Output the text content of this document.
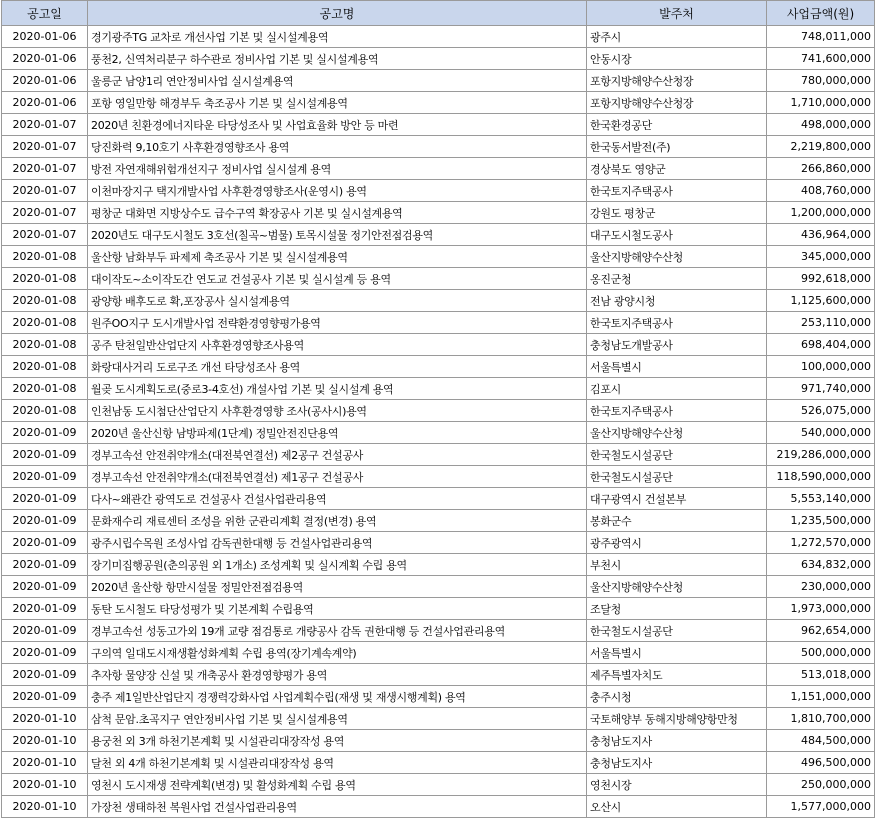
공고일	공고명	발주처	사업금액(원)
2020-01-06	경기광주TG 교차로 개선사업 기본 및 실시설계용역	광주시	748,011,000
2020-01-06	풍천2, 신역처리분구 하수관로 정비사업 기본 및 실시설계용역	안동시장	741,600,000
2020-01-06	울릉군 남양1리 연안정비사업 실시설계용역	포항지방해양수산청장	780,000,000
2020-01-06	포항 영일만항 해경부두 축조공사 기본 및 실시설계용역	포항지방해양수산청장	1,710,000,000
2020-01-07	2020년 친환경에너지타운 타당성조사 및 사업효율화 방안 등 마련	한국환경공단	498,000,000
2020-01-07	당진화력 9,10호기 사후환경영향조사 용역	한국동서발전(주)	2,219,800,000
2020-01-07	방전 자연재해위험개선지구 정비사업 실시설계 용역	경상북도 영양군	266,860,000
2020-01-07	이천마장지구 택지개발사업 사후환경영향조사(운영시) 용역	한국토지주택공사	408,760,000
2020-01-07	평창군 대화면 지방상수도 급수구역 확장공사 기본 및 실시설계용역	강원도 평창군	1,200,000,000
2020-01-07	2020년도 대구도시철도 3호선(칠곡~범물) 토목시설물 정기안전점검용역	대구도시철도공사	436,964,000
2020-01-08	울산항 남화부두 파제제 축조공사 기본 및 실시설계용역	울산지방해양수산청	345,000,000
2020-01-08	대이작도~소이작도간 연도교 건설공사 기본 및 실시설계 등 용역	옹진군청	992,618,000
2020-01-08	광양항 배후도로 확,포장공사 실시설계용역	전남 광양시청	1,125,600,000
2020-01-08	원주OO지구 도시개발사업 전략환경영향평가용역	한국토지주택공사	253,110,000
2020-01-08	공주 탄천일반산업단지 사후환경영향조사용역	충청남도개발공사	698,404,000
2020-01-08	화랑대사거리 도로구조 개선 타당성조사 용역	서울특별시	100,000,000
2020-01-08	월곶 도시계획도로(중로3-4호선) 개설사업 기본 및 실시설계 용역	김포시	971,740,000
2020-01-08	인천남동 도시첨단산업단지 사후환경영향 조사(공사시)용역	한국토지주택공사	526,075,000
2020-01-09	2020년 울산신항 남방파제(1단계) 정밀안전진단용역	울산지방해양수산청	540,000,000
2020-01-09	경부고속선 안전취약개소(대전북연결선) 제2공구 건설공사	한국철도시설공단	219,286,000,000
2020-01-09	경부고속선 안전취약개소(대전북연결선) 제1공구 건설공사	한국철도시설공단	118,590,000,000
2020-01-09	다사~왜관간 광역도로 건설공사 건설사업관리용역	대구광역시 건설본부	5,553,140,000
2020-01-09	문화재수리 재료센터 조성을 위한 군관리계획 결정(변경) 용역	봉화군수	1,235,500,000
2020-01-09	광주시립수목원 조성사업 감독권한대행 등 건설사업관리용역	광주광역시	1,272,570,000
2020-01-09	장기미집행공원(춘의공원 외 1개소) 조성계획 및 실시계획 수립 용역	부천시	634,832,000
2020-01-09	2020년 울산항 항만시설물 정밀안전점검용역	울산지방해양수산청	230,000,000
2020-01-09	동탄 도시철도 타당성평가 및 기본계획 수립용역	조달청	1,973,000,000
2020-01-09	경부고속선 성동고가외 19개 교량 점검통로 개량공사 감독 권한대행 등 건설사업관리용역	한국철도시설공단	962,654,000
2020-01-09	구의역 일대도시재생활성화계획 수립 용역(장기계속계약)	서울특별시	500,000,000
2020-01-09	추자항 물양장 신설 및 개축공사 환경영향평가 용역	제주특별자치도	513,018,000
2020-01-09	충주 제1일반산업단지 경쟁력강화사업 사업계획수립(재생 및 재생시행계획) 용역	충주시청	1,151,000,000
2020-01-10	삼척 문암.초곡지구 연안정비사업 기본 및 실시설계용역	국토해양부 동해지방해양항만청	1,810,700,000
2020-01-10	용궁천 외 3개 하천기본계획 및 시설관리대장작성 용역	충청남도지사	484,500,000
2020-01-10	달천 외 4개 하천기본계획 및 시설관리대장작성 용역	충청남도지사	496,500,000
2020-01-10	영천시 도시재생 전략계획(변경) 및 활성화계획 수립 용역	영천시장	250,000,000
2020-01-10	가장천 생태하천 복원사업 건설사업관리용역	오산시	1,577,000,000
